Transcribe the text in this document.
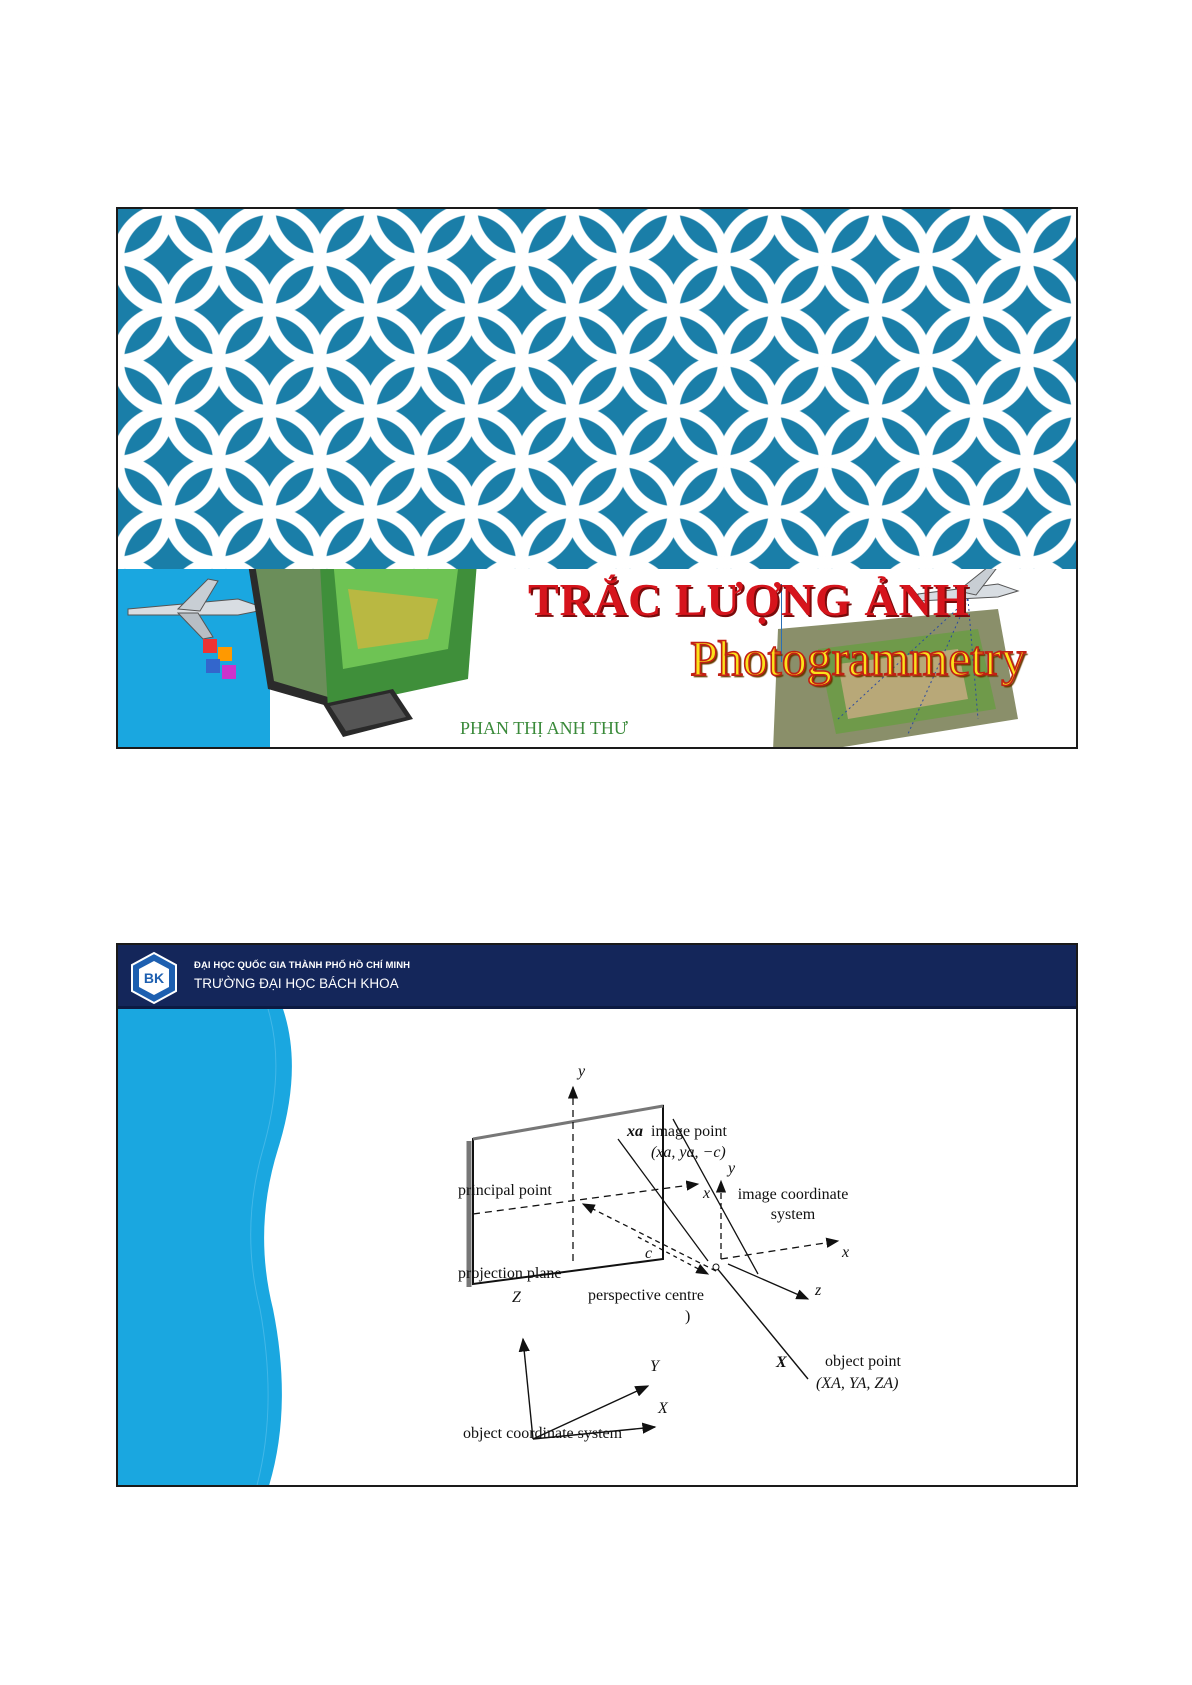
TRẮC LƯỢNG ẢNH
Photogrammetry
PHAN THỊ ANH THƯ
BK
ĐẠI HỌC QUỐC GIA THÀNH PHỐ HỒ CHÍ MINH
TRƯỜNG ĐẠI HỌC BÁCH KHOA
y
xa image point
(xa, ya, −c)
principal point	x
y
image coordinate
system
x
c
projection plane
perspective centre
)
z
Z
Y	X object point
(XA, YA, ZA)
X
object coordinate system
